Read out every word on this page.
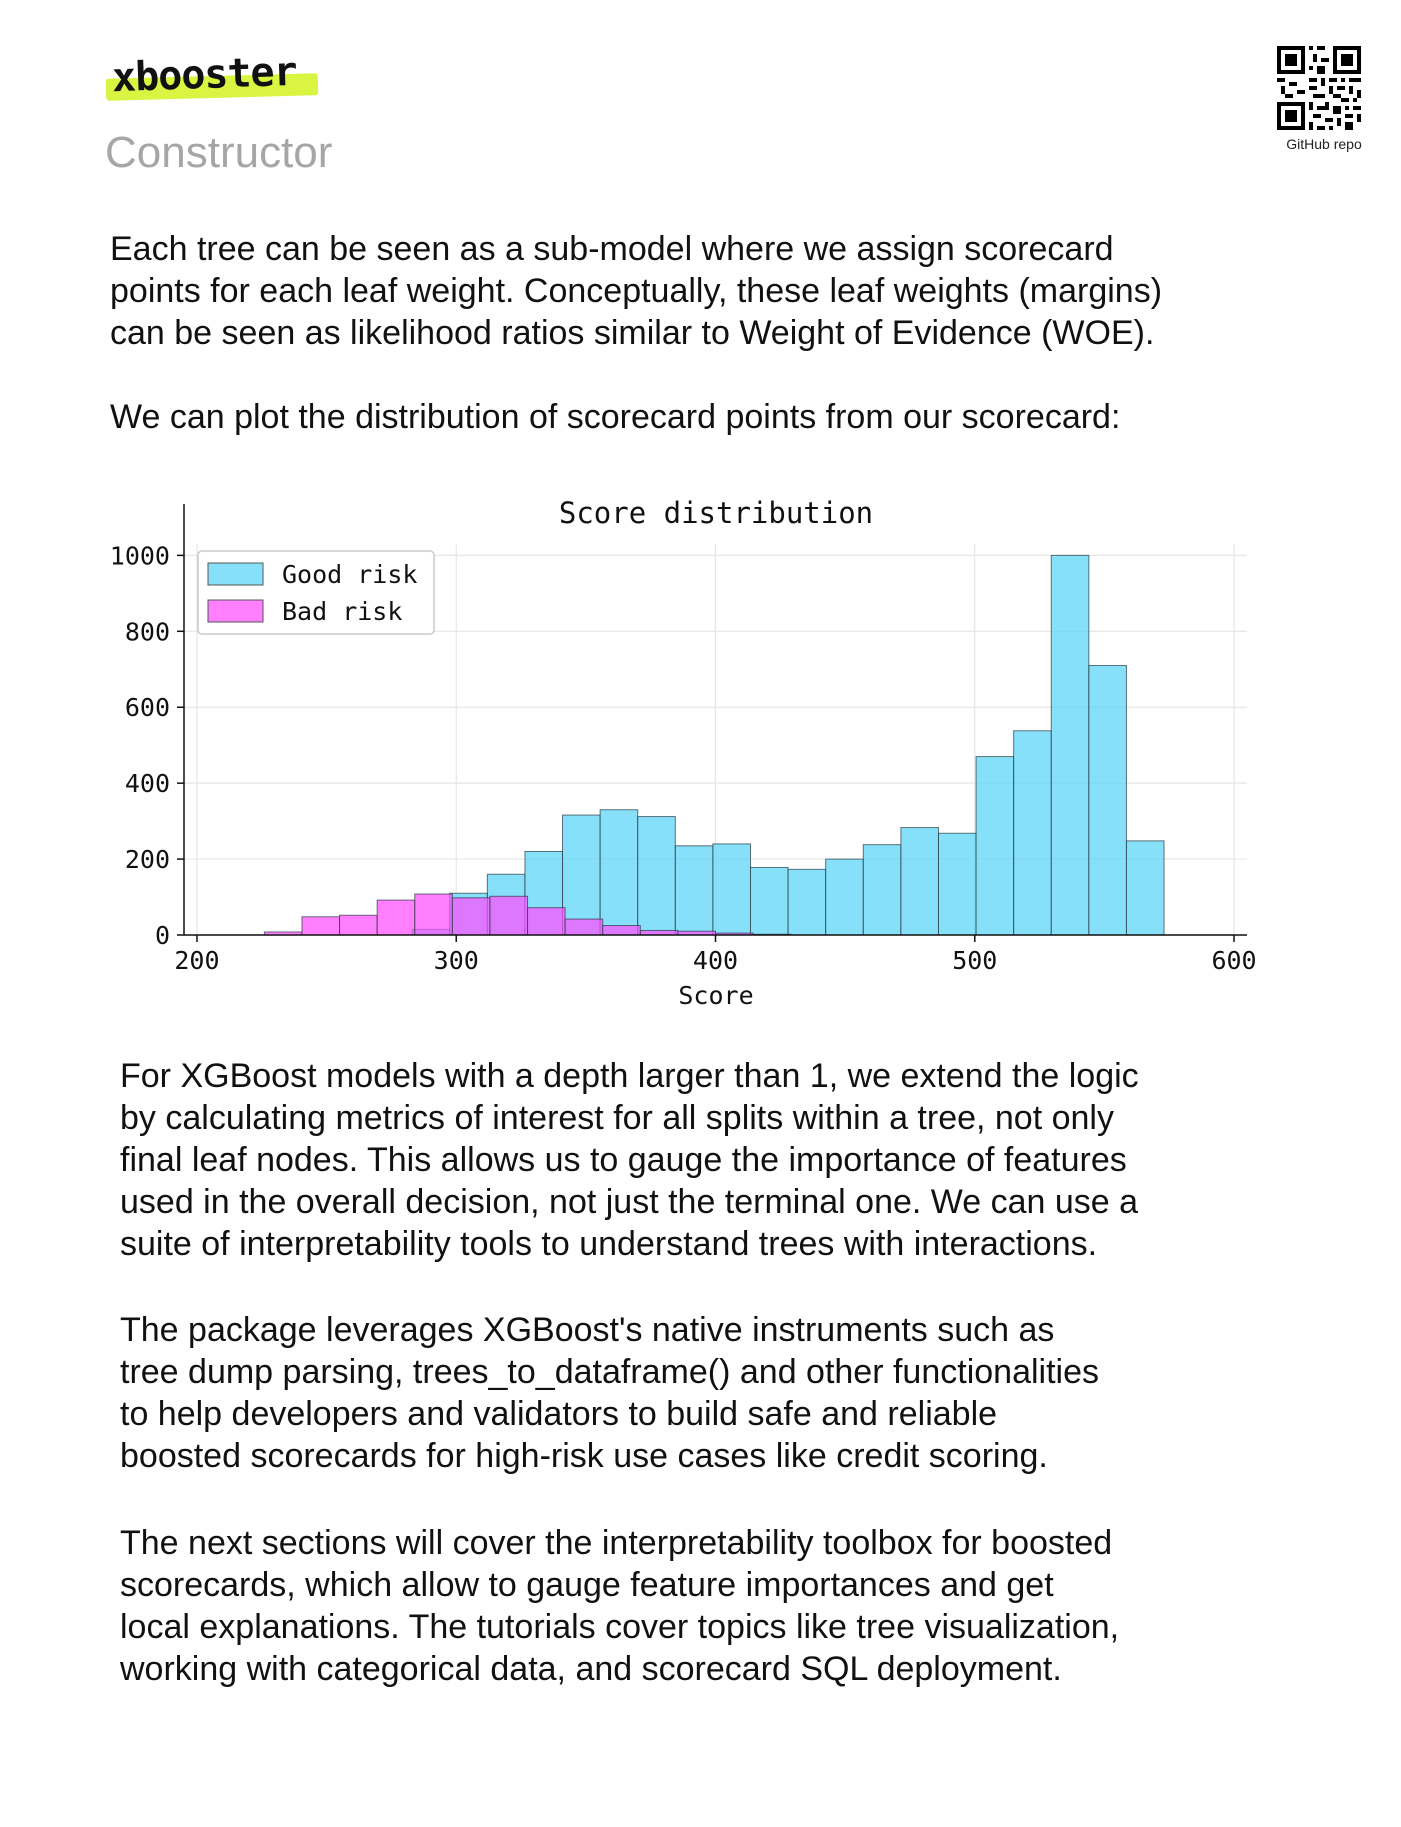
xbooster
Constructor	GitHub repo
Each tree can be seen as a sub-model where we assign scorecard
points for each leaf weight. Conceptually, these leaf weights (margins)
can be seen as likelihood ratios similar to Weight of Evidence (WOE).
We can plot the distribution of scorecard points from our scorecard:
200	300	400	500	600
0
200
400
600
800
1000
Score distribution
Score
Good risk
Bad risk
For XGBoost models with a depth larger than 1, we extend the logic
by calculating metrics of interest for all splits within a tree, not only
final leaf nodes. This allows us to gauge the importance of features
used in the overall decision, not just the terminal one. We can use a
suite of interpretability tools to understand trees with interactions.
The package leverages XGBoost's native instruments such as
tree dump parsing, trees_to_dataframe() and other functionalities
to help developers and validators to build safe and reliable
boosted scorecards for high-risk use cases like credit scoring.
The next sections will cover the interpretability toolbox for boosted
scorecards, which allow to gauge feature importances and get
local explanations. The tutorials cover topics like tree visualization,
working with categorical data, and scorecard SQL deployment.
